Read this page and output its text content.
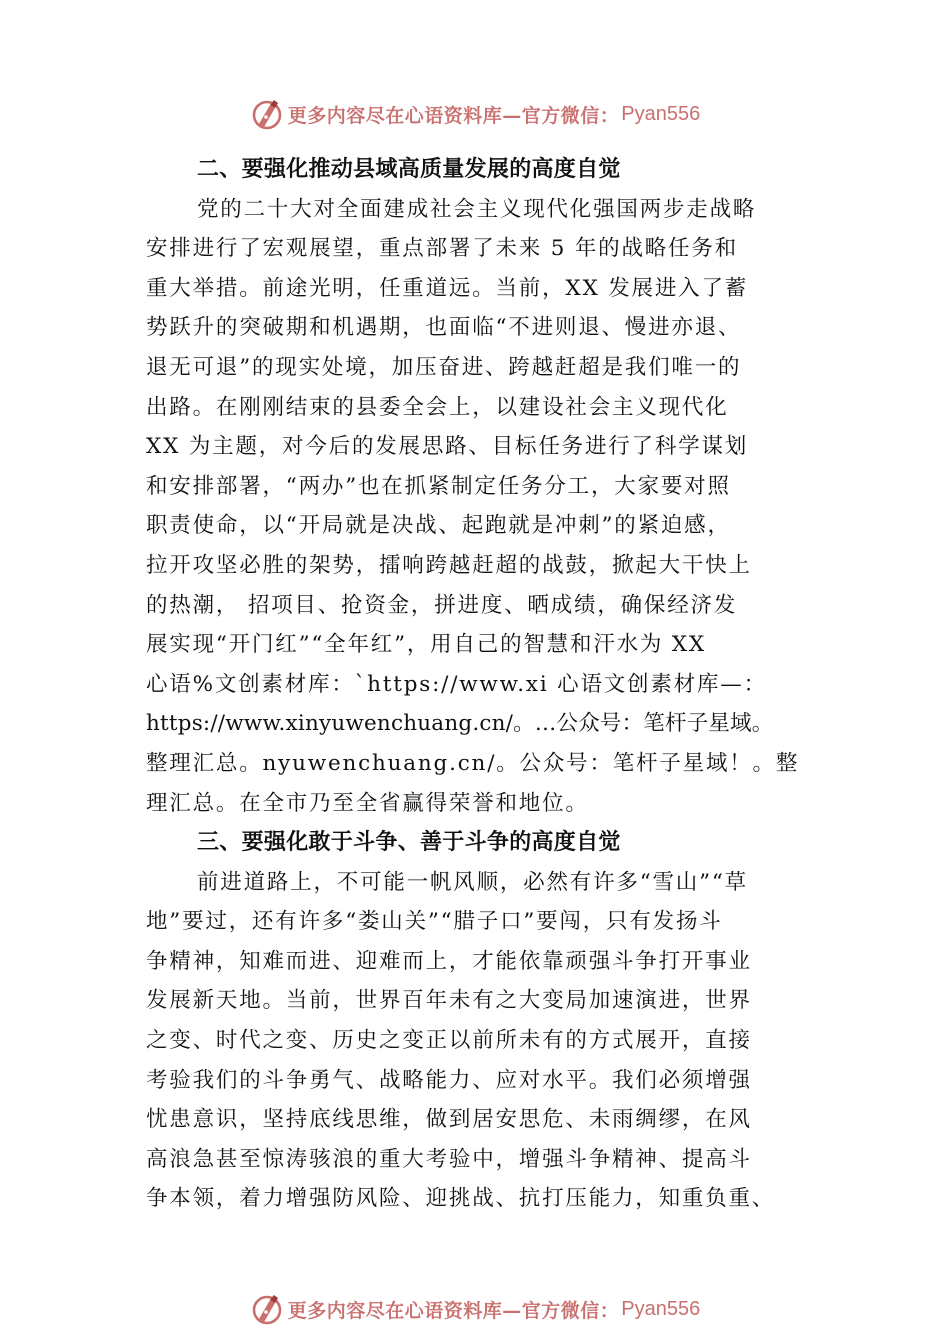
更多内容尽在心语资料库—官方微信： Pyan556
二、要强化推动县域高质量发展的高度自觉
党的二十大对全面建成社会主义现代化强国两步走战略
安排进行了宏观展望，重点部署了未来 5 年的战略任务和
重大举措。前途光明，任重道远。当前，XX 发展进入了蓄
势跃升的突破期和机遇期，也面临“不进则退、慢进亦退、
退无可退”的现实处境，加压奋进、跨越赶超是我们唯一的
出路。在刚刚结束的县委全会上，以建设社会主义现代化
XX 为主题，对今后的发展思路、目标任务进行了科学谋划
和安排部署，“两办”也在抓紧制定任务分工，大家要对照
职责使命，以“开局就是决战、起跑就是冲刺”的紧迫感，
拉开攻坚必胜的架势，擂响跨越赶超的战鼓，掀起大干快上
的热潮， 招项目、抢资金，拼进度、晒成绩，确保经济发
展实现“开门红”“全年红”，用自己的智慧和汗水为 XX
心语%文创素材库：`https://www.xi 心语文创素材库—：
https://www.xinyuwenchuang.cn/。…公众号：笔杆子星域。
整理汇总。nyuwenchuang.cn/。公众号：笔杆子星域！。整
理汇总。在全市乃至全省赢得荣誉和地位。
三、要强化敢于斗争、善于斗争的高度自觉
前进道路上，不可能一帆风顺，必然有许多“雪山”“草
地”要过，还有许多“娄山关”“腊子口”要闯，只有发扬斗
争精神，知难而进、迎难而上，才能依靠顽强斗争打开事业
发展新天地。当前，世界百年未有之大变局加速演进，世界
之变、时代之变、历史之变正以前所未有的方式展开，直接
考验我们的斗争勇气、战略能力、应对水平。我们必须增强
忧患意识，坚持底线思维，做到居安思危、未雨绸缪，在风
高浪急甚至惊涛骇浪的重大考验中，增强斗争精神、提高斗
争本领，着力增强防风险、迎挑战、抗打压能力，知重负重、
更多内容尽在心语资料库—官方微信： Pyan556
